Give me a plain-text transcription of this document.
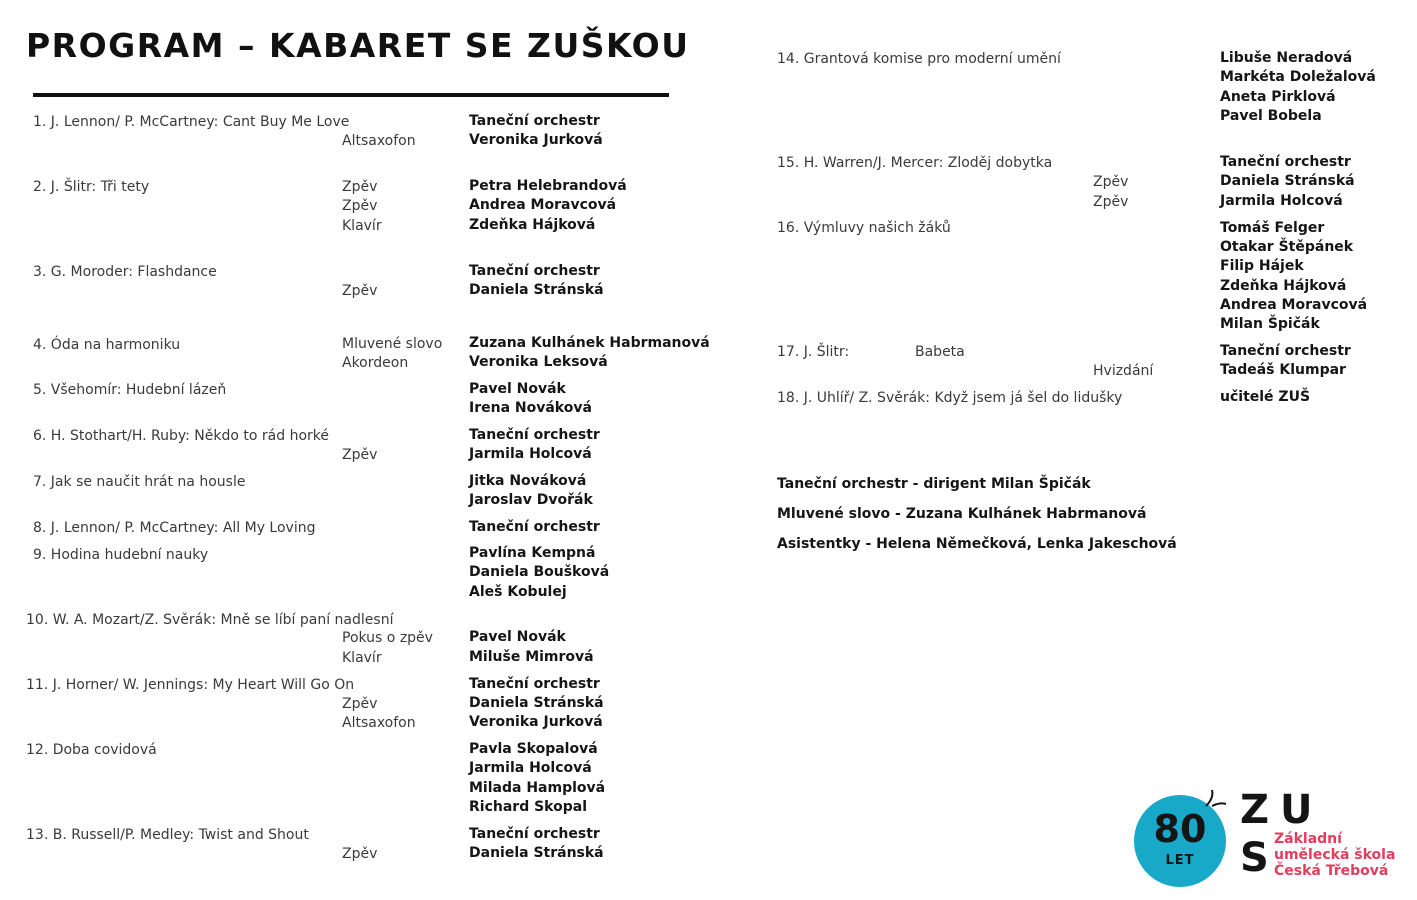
PROGRAM – KABARET SE ZUŠKOU
1. J. Lennon/ P. McCartney: Cant Buy Me Love
2. J. Šlitr: Tři tety
3. G. Moroder: Flashdance
4. Óda na harmoniku
5. Všehomír: Hudební lázeň
6. H. Stothart/H. Ruby: Někdo to rád horké
7. Jak se naučit hrát na housle
8. J. Lennon/ P. McCartney: All My Loving
9. Hodina hudební nauky
10. W. A. Mozart/Z. Svěrák: Mně se líbí paní nadlesní
11. J. Horner/ W. Jennings: My Heart Will Go On
12. Doba covidová
13. B. Russell/P. Medley: Twist and Shout
Altsaxofon
Zpěv
Zpěv
Klavír
Zpěv
Mluvené slovo
Akordeon
Zpěv
Pokus o zpěv
Klavír
Zpěv
Altsaxofon
Zpěv
Taneční orchestr
Veronika Jurková
Petra Helebrandová
Andrea Moravcová
Zdeňka Hájková
Taneční orchestr
Daniela Stránská
Zuzana Kulhánek Habrmanová
Veronika Leksová
Pavel Novák
Irena Nováková
Taneční orchestr
Jarmila Holcová
Jitka Nováková
Jaroslav Dvořák
Taneční orchestr
Pavlína Kempná
Daniela Boušková
Aleš Kobulej
Pavel Novák
Miluše Mimrová
Taneční orchestr
Daniela Stránská
Veronika Jurková
Pavla Skopalová
Jarmila Holcová
Milada Hamplová
Richard Skopal
Taneční orchestr
Daniela Stránská
14. Grantová komise pro moderní umění
15. H. Warren/J. Mercer: Zloděj dobytka
16. Výmluvy našich žáků
17. J. Šlitr:	Babeta
18. J. Uhlíř/ Z. Svěrák: Když jsem já šel do lidušky
Zpěv
Zpěv
Hvizdání
Libuše Neradová
Markéta Doležalová
Aneta Pirklová
Pavel Bobela
Taneční orchestr
Daniela Stránská
Jarmila Holcová
Tomáš Felger
Otakar Štěpánek
Filip Hájek
Zdeňka Hájková
Andrea Moravcová
Milan Špičák
Taneční orchestr
Tadeáš Klumpar
učitelé ZUŠ
Taneční orchestr - dirigent Milan Špičák
Mluvené slovo - Zuzana Kulhánek Habrmanová
Asistentky - Helena Němečková, Lenka Jakeschová
80
LET
Z U
S Základní
umělecká škola
Česká Třebová
